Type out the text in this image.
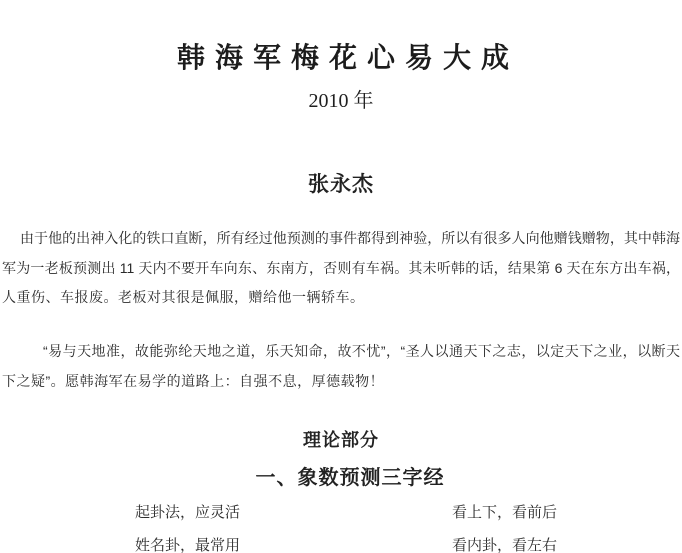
韩海军梅花心易大成
2010 年
张永杰
由于他的出神入化的铁口直断，所有经过他预测的事件都得到神验，所以有很多人向他赠钱赠物，其中韩海
军为一老板预测出 11 天内不要开车向东、东南方，否则有车祸。其未听韩的话，结果第 6 天在东方出车祸，
人重伤、车报废。老板对其很是佩服，赠给他一辆轿车。
“易与天地准，故能弥纶天地之道，乐天知命，故不忧”，“圣人以通天下之志，以定天下之业，以断天
下之疑”。愿韩海军在易学的道路上：自强不息，厚德载物！
理论部分
一、象数预测三字经
起卦法，应灵活	看上下，看前后
姓名卦，最常用	看内卦，看左右
